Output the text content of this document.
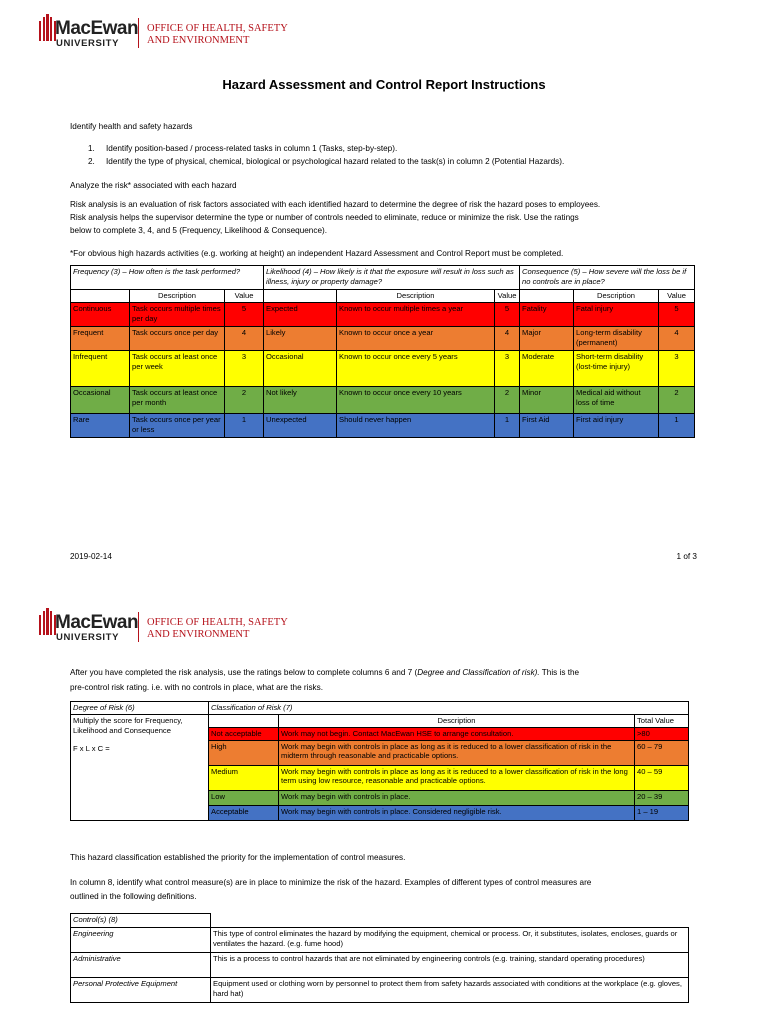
MacEwan
UNIVERSITY
OFFICE OF HEALTH, SAFETY
AND ENVIRONMENT
Hazard Assessment and Control Report Instructions
Identify health and safety hazards
1. Identify position-based / process-related tasks in column 1 (Tasks, step-by-step).
2. Identify the type of physical, chemical, biological or psychological hazard related to the task(s) in column 2 (Potential Hazards).
Analyze the risk* associated with each hazard
Risk analysis is an evaluation of risk factors associated with each identified hazard to determine the degree of risk the hazard poses to employees.
Risk analysis helps the supervisor determine the type or number of controls needed to eliminate, reduce or minimize the risk. Use the ratings
below to complete 3, 4, and 5 (Frequency, Likelihood & Consequence).
*For obvious high hazards activities (e.g. working at height) an independent Hazard Assessment and Control Report must be completed.
Frequency (3) – How often is the task performed?			Likelihood (4) – How likely is it that the exposure will result in loss such as illness, injury or property damage?			Consequence (5) – How severe will the loss be if no controls are in place?		
	Description	Value		Description	Value		Description	Value
Continuous	Task occurs multiple times per day	5	Expected	Known to occur multiple times a year	5	Fatality	Fatal injury	5
Frequent	Task occurs once per day	4	Likely	Known to occur once a year	4	Major	Long-term disability (permanent)	4
Infrequent	Task occurs at least once per week	3	Occasional	Known to occur once every 5 years	3	Moderate	Short-term disability (lost-time injury)	3
Occasional	Task occurs at least once per month	2	Not likely	Known to occur once every 10 years	2	Minor	Medical aid without loss of time	2
Rare	Task occurs once per year or less	1	Unexpected	Should never happen	1	First Aid	First aid injury	1
2019-02-14	1 of 3
MacEwan
UNIVERSITY
OFFICE OF HEALTH, SAFETY
AND ENVIRONMENT
After you have completed the risk analysis, use the ratings below to complete columns 6 and 7 (Degree and Classification of risk). This is the
pre-control risk rating. i.e. with no controls in place, what are the risks.
Degree of Risk (6)	Classification of Risk (7)		

Multiply the score for Frequency, Likelihood and Consequence
F x L x C =		Description	Total Value
	Not acceptable	Work may not begin. Contact MacEwan HSE to arrange consultation.	>80
	High	Work may begin with controls in place as long as it is reduced to a lower classification of risk in the midterm through reasonable and practicable options.	60 – 79
	Medium	Work may begin with controls in place as long as it is reduced to a lower classification of risk in the long term using low resource, reasonable and practicable options.	40 – 59
	Low	Work may begin with controls in place.	20 – 39
	Acceptable	Work may begin with controls in place. Considered negligible risk.	1 – 19
This hazard classification established the priority for the implementation of control measures.
In column 8, identify what control measure(s) are in place to minimize the risk of the hazard. Examples of different types of control measures are
outlined in the following definitions.
Control(s) (8)	
Engineering	This type of control eliminates the hazard by modifying the equipment, chemical or process. Or, it substitutes, isolates, encloses, guards or ventilates the hazard. (e.g. fume hood)
Administrative	This is a process to control hazards that are not eliminated by engineering controls (e.g. training, standard operating procedures)
Personal Protective Equipment	Equipment used or clothing worn by personnel to protect them from safety hazards associated with conditions at the workplace (e.g. gloves, hard hat)
